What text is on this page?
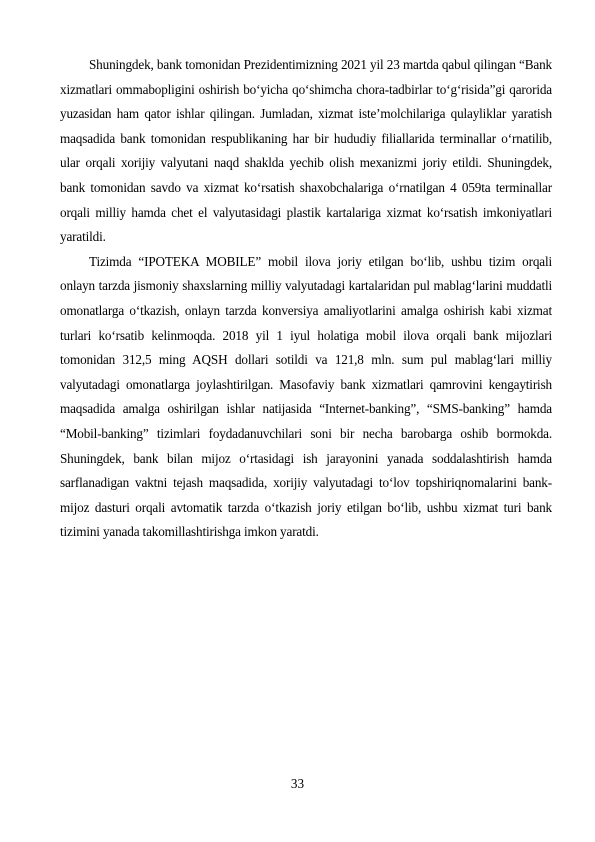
Shuningdek, bank tomonidan Prezidentimizning 2021 yil 23 martda qabul qilingan “Bank xizmatlari ommabopligini oshirish bo‘yicha qo‘shimcha chora-tadbirlar to‘g‘risida”gi qarorida yuzasidan ham qator ishlar qilingan. Jumladan, xizmat iste’molchilariga qulayliklar yaratish maqsadida bank tomonidan respublikaning har bir hududiy filiallarida terminallar o‘rnatilib, ular orqali xorijiy valyutani naqd shaklda yechib olish mexanizmi joriy etildi. Shuningdek, bank tomonidan savdo va xizmat ko‘rsatish shaxobchalariga o‘rnatilgan 4 059ta terminallar orqali milliy hamda chet el valyutasidagi plastik kartalariga xizmat ko‘rsatish imkoniyatlari yaratildi.

Tizimda “IPOTEKA MOBILE” mobil ilova joriy etilgan bo‘lib, ushbu tizim orqali onlayn tarzda jismoniy shaxslarning milliy valyutadagi kartalaridan pul mablag‘larini muddatli omonatlarga o‘tkazish, onlayn tarzda konversiya amaliyotlarini amalga oshirish kabi xizmat turlari ko‘rsatib kelinmoqda. 2018 yil 1 iyul holatiga mobil ilova orqali bank mijozlari tomonidan 312,5 ming AQSH dollari sotildi va 121,8 mln. sum pul mablag‘lari milliy valyutadagi omonatlarga joylashtirilgan. Masofaviy bank xizmatlari qamrovini kengaytirish maqsadida amalga oshirilgan ishlar natijasida “Internet-banking”, “SMS-banking” hamda “Mobil-banking” tizimlari foydadanuvchilari soni bir necha barobarga oshib bormokda. Shuningdek, bank bilan mijoz o‘rtasidagi ish jarayonini yanada soddalashtirish hamda sarflanadigan vaktni tejash maqsadida, xorijiy valyutadagi to‘lov topshiriqnomalarini bank-mijoz dasturi orqali avtomatik tarzda o‘tkazish joriy etilgan bo‘lib, ushbu xizmat turi bank tizimini yanada takomillashtirishga imkon yaratdi.

33
